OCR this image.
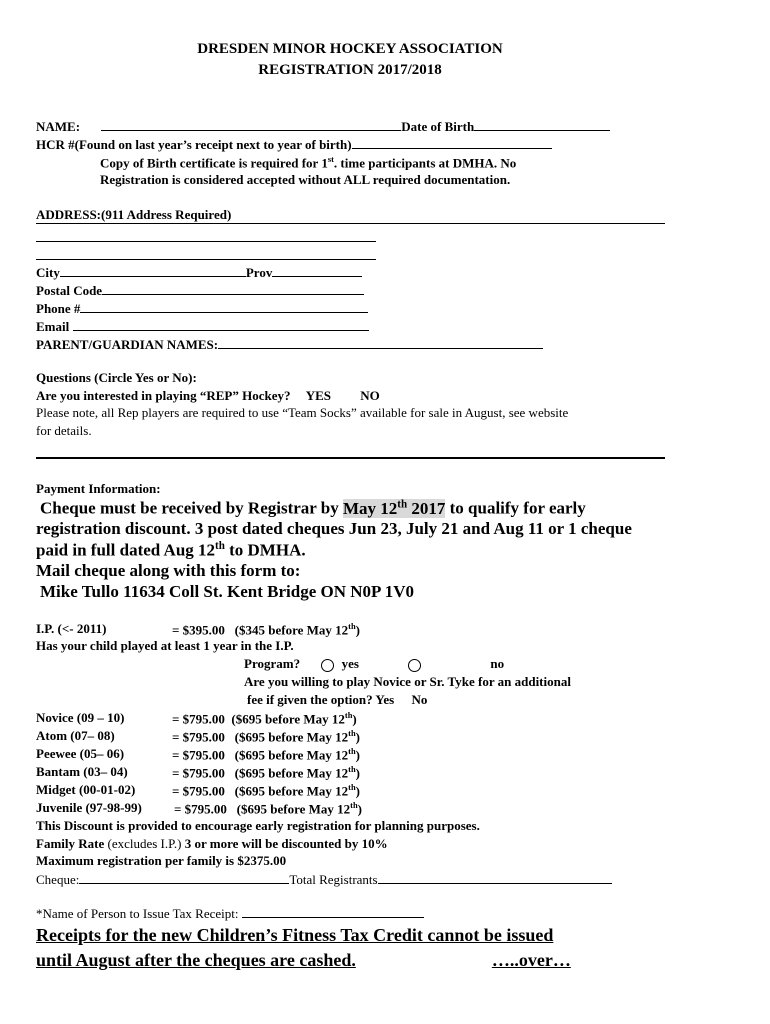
DRESDEN MINOR HOCKEY ASSOCIATION
REGISTRATION 2017/2018
NAME:	Date of Birth
HCR #(Found on last year’s receipt next to year of birth)
Copy of Birth certificate is required for 1st. time participants at DMHA. No
Registration is considered accepted without ALL required documentation.
ADDRESS:(911 Address Required)
City	Prov
Postal Code
Phone #
Email
PARENT/GUARDIAN NAMES:
Questions (Circle Yes or No):
Are you interested in playing “REP” Hockey? YES NO
Please note, all Rep players are required to use “Team Socks” available for sale in August, see website
for details.
Payment Information:
Cheque must be received by Registrar by May 12th 2017 to qualify for early
registration discount. 3 post dated cheques Jun 23, July 21 and Aug 11 or 1 cheque
paid in full dated Aug 12th to DMHA.
Mail cheque along with this form to:
Mike Tullo 11634 Coll St. Kent Bridge ON N0P 1V0
I.P. (<- 2011)	= $395.00 ($345 before May 12th)
Has your child played at least 1 year in the I.P.
Program?	yes	no
Are you willing to play Novice or Sr. Tyke for an additional
fee if given the option? Yes No
Novice (09 – 10)	= $795.00 ($695 before May 12th)
Atom (07– 08)	= $795.00 ($695 before May 12th)
Peewee (05– 06)	= $795.00 ($695 before May 12th)
Bantam (03– 04)	= $795.00 ($695 before May 12th)
Midget (00-01-02)	= $795.00 ($695 before May 12th)
Juvenile (97-98-99) = $795.00 ($695 before May 12th)
This Discount is provided to encourage early registration for planning purposes.
Family Rate (excludes I.P.) 3 or more will be discounted by 10%
Maximum registration per family is $2375.00
Cheque:	Total Registrants
*Name of Person to Issue Tax Receipt:
Receipts for the new Children’s Fitness Tax Credit cannot be issued
until August after the cheques are cashed.	…..over…
